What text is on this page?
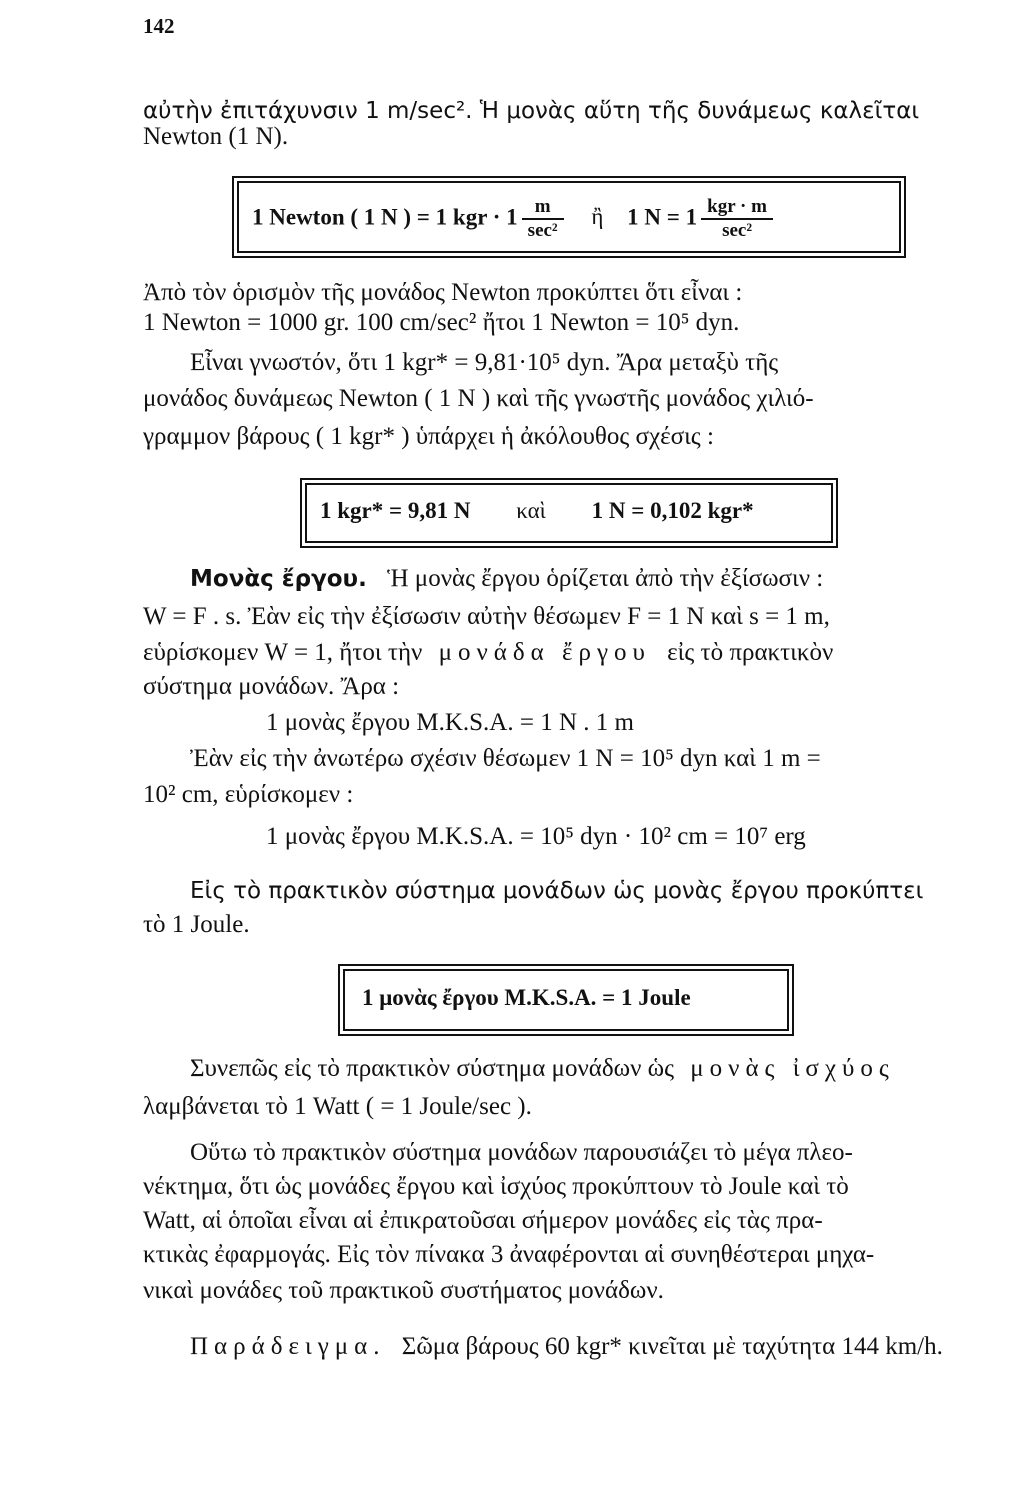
142
αὐτὴν ἐπιτάχυνσιν 1 m/sec². Ἡ μονὰς αὕτη τῆς δυνάμεως καλεῖται
Newton (1 N).
1 Newton ( 1 N ) = 1 kgr · $1 \frac{m}{\text{sec²}}$ ἢ 1 $N = 1 \frac{\text{kgr · m}}{\text{sec²}}$
Ἀπὸ τὸν ὁρισμὸν τῆς μονάδος Newton προκύπτει ὅτι εἶναι :
1 Newton = 1000 gr. 100 cm/sec² ἤτοι 1 Newton = 10⁵ dyn.
Εἶναι γνωστόν, ὅτι 1 kgr* = 9,81·10⁵ dyn. Ἄρα μεταξὺ τῆς
μονάδος δυνάμεως Newton ( 1 N ) καὶ τῆς γνωστῆς μονάδος χιλιό-
γραμμον βάρους ( 1 kgr* ) ὑπάρχει ἡ ἀκόλουθος σχέσις :
1 kgr* = 9,81 N καὶ 1 N = 0,102 kgr*
Μονὰς ἔργου. Ἡ μονὰς ἔργου ὁρίζεται ἀπὸ τὴν ἐξίσωσιν :
W = F . s. Ἐὰν εἰς τὴν ἐξίσωσιν αὐτὴν θέσωμεν F = 1 N καὶ s = 1 m,
εὑρίσκομεν W = 1, ἤτοι τὴν μονάδα ἔργου εἰς τὸ πρακτικὸν
σύστημα μονάδων. Ἄρα :
1 μονὰς ἔργου M.K.S.A. = 1 N . 1 m
Ἐὰν εἰς τὴν ἀνωτέρω σχέσιν θέσωμεν 1 N = 10⁵ dyn καὶ 1 m =
10² cm, εὑρίσκομεν :
1 μονὰς ἔργου M.K.S.A. = 10⁵ dyn · 10² cm = 10⁷ erg
Εἰς τὸ πρακτικὸν σύστημα μονάδων ὡς μονὰς ἔργου προκύπτει
τὸ 1 Joule.
1 μονὰς ἔργου M.K.S.A. = 1 Joule
Συνεπῶς εἰς τὸ πρακτικὸν σύστημα μονάδων ὡς μονὰς ἰσχύος
λαμβάνεται τὸ 1 Watt ( = 1 Joule/sec ).
Οὕτω τὸ πρακτικὸν σύστημα μονάδων παρουσιάζει τὸ μέγα πλεο-
νέκτημα, ὅτι ὡς μονάδες ἔργου καὶ ἰσχύος προκύπτουν τὸ Joule καὶ τὸ
Watt, αἱ ὁποῖαι εἶναι αἱ ἐπικρατοῦσαι σήμερον μονάδες εἰς τὰς πρα-
κτικὰς ἐφαρμογάς. Εἰς τὸν πίνακα 3 ἀναφέρονται αἱ συνηθέστεραι μηχα-
νικαὶ μονάδες τοῦ πρακτικοῦ συστήματος μονάδων.
Παράδειγμα. Σῶμα βάρους 60 kgr* κινεῖται μὲ ταχύτητα 144 km/h.
